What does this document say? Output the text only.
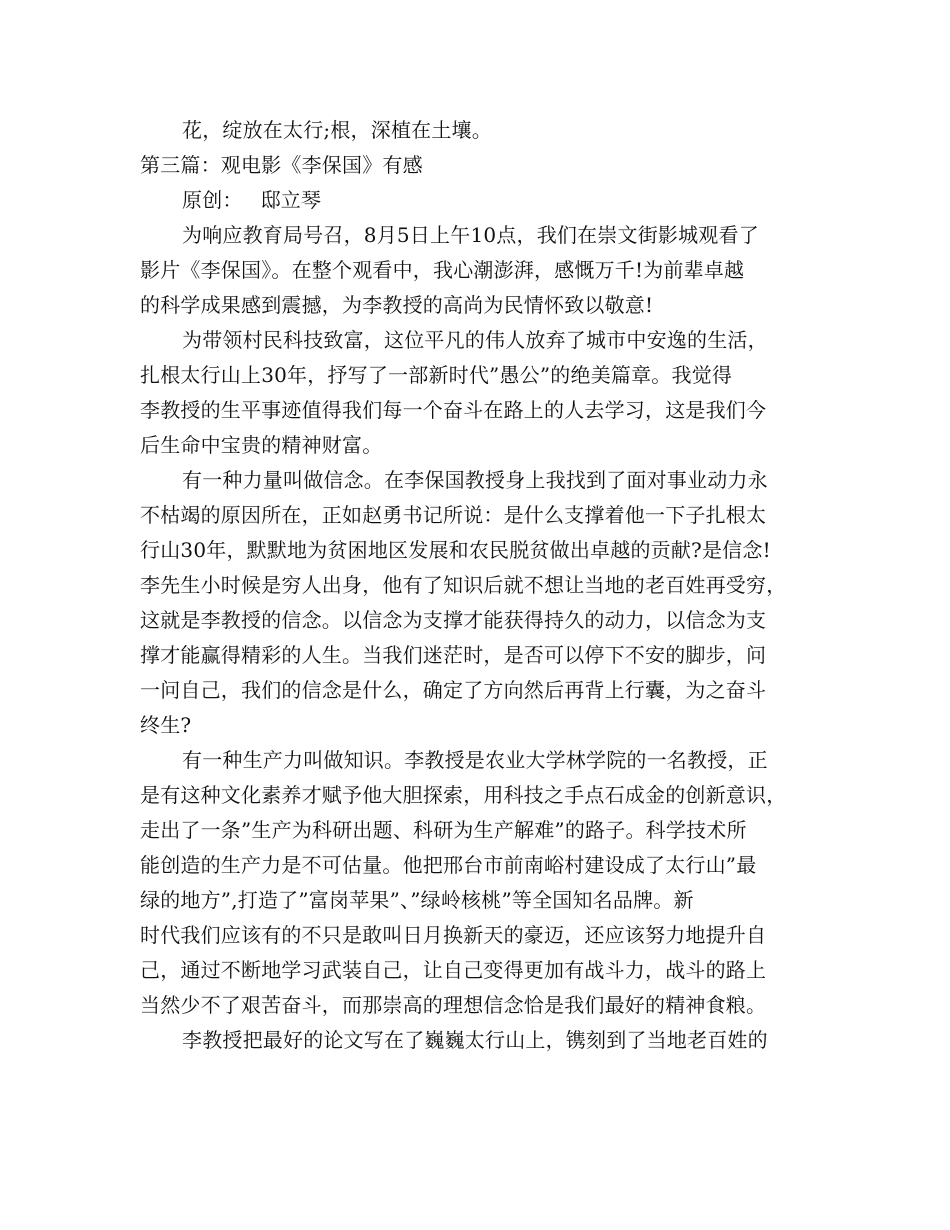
花，绽放在太行;根，深植在土壤。
第三篇：观电影《李保国》有感
原创： 邸立琴
为响应教育局号召，8月5日上午10点，我们在崇文街影城观看了
影片《李保国》。在整个观看中，我心潮澎湃，感慨万千!为前辈卓越
的科学成果感到震撼，为李教授的高尚为民情怀致以敬意!
为带领村民科技致富，这位平凡的伟人放弃了城市中安逸的生活，
扎根太行山上30年，抒写了一部新时代”愚公”的绝美篇章。我觉得
李教授的生平事迹值得我们每一个奋斗在路上的人去学习，这是我们今
后生命中宝贵的精神财富。
有一种力量叫做信念。在李保国教授身上我找到了面对事业动力永
不枯竭的原因所在，正如赵勇书记所说：是什么支撑着他一下子扎根太
行山30年，默默地为贫困地区发展和农民脱贫做出卓越的贡献?是信念!
李先生小时候是穷人出身，他有了知识后就不想让当地的老百姓再受穷，
这就是李教授的信念。以信念为支撑才能获得持久的动力，以信念为支
撑才能赢得精彩的人生。当我们迷茫时，是否可以停下不安的脚步，问
一问自己，我们的信念是什么，确定了方向然后再背上行囊，为之奋斗
终生?
有一种生产力叫做知识。李教授是农业大学林学院的一名教授，正
是有这种文化素养才赋予他大胆探索，用科技之手点石成金的创新意识，
走出了一条”生产为科研出题、科研为生产解难”的路子。科学技术所
能创造的生产力是不可估量。他把邢台市前南峪村建设成了太行山”最
绿的地方”,打造了”富岗苹果”、”绿岭核桃”等全国知名品牌。新
时代我们应该有的不只是敢叫日月换新天的豪迈，还应该努力地提升自
己，通过不断地学习武装自己，让自己变得更加有战斗力，战斗的路上
当然少不了艰苦奋斗，而那崇高的理想信念恰是我们最好的精神食粮。
李教授把最好的论文写在了巍巍太行山上，镌刻到了当地老百姓的
